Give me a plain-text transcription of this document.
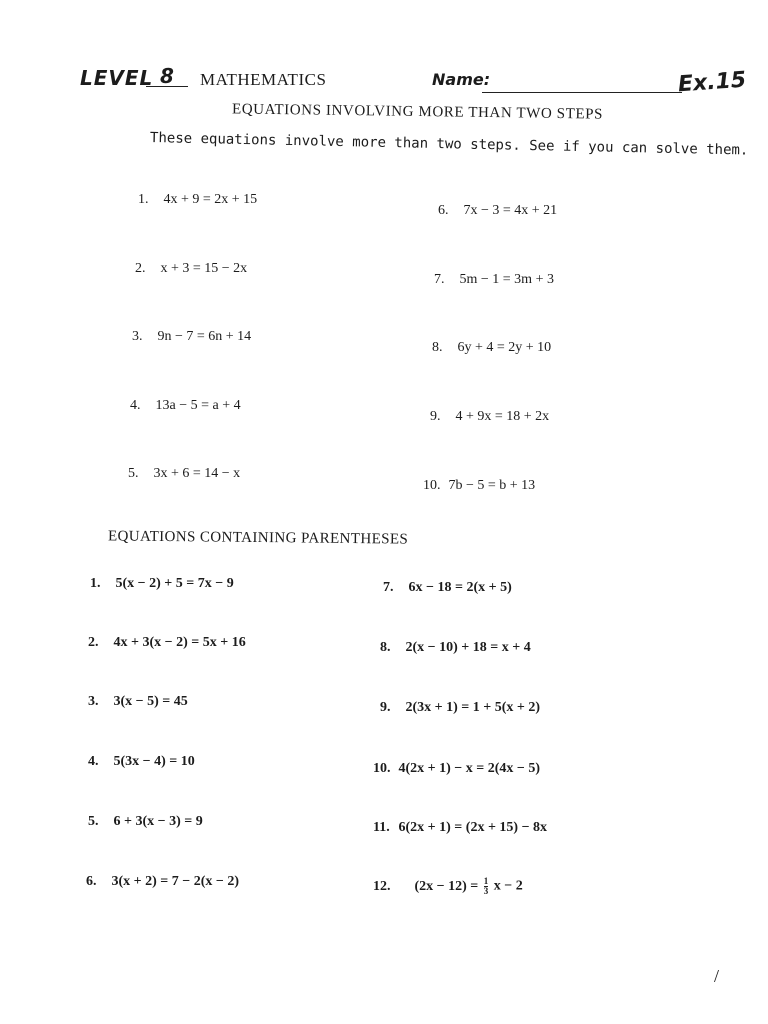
LEVEL 8	MATHEMATICS	Name:	Ex.15
EQUATIONS INVOLVING MORE THAN TWO STEPS
These equations involve more than two steps. See if you can solve them.
1. 4x + 9 = 2x + 15
2. x + 3 = 15 − 2x
3. 9n − 7 = 6n + 14
4. 13a − 5 = a + 4
5. 3x + 6 = 14 − x
6. 7x − 3 = 4x + 21
7. 5m − 1 = 3m + 3
8. 6y + 4 = 2y + 10
9. 4 + 9x = 18 + 2x
10. 7b − 5 = b + 13
EQUATIONS CONTAINING PARENTHESES
1. 5(x − 2) + 5 = 7x − 9
2. 4x + 3(x − 2) = 5x + 16
3. 3(x − 5) = 45
4. 5(3x − 4) = 10
5. 6 + 3(x − 3) = 9
6. 3(x + 2) = 7 − 2(x − 2)
7. 6x − 18 = 2(x + 5)
8. 2(x − 10) + 18 = x + 4
9. 2(3x + 1) = 1 + 5(x + 2)
10. 4(2x + 1) − x = 2(4x − 5)
11. 6(2x + 1) = (2x + 15) − 8x
12. $(2x - 12) = \frac{1}{3}$ x − 2
/
